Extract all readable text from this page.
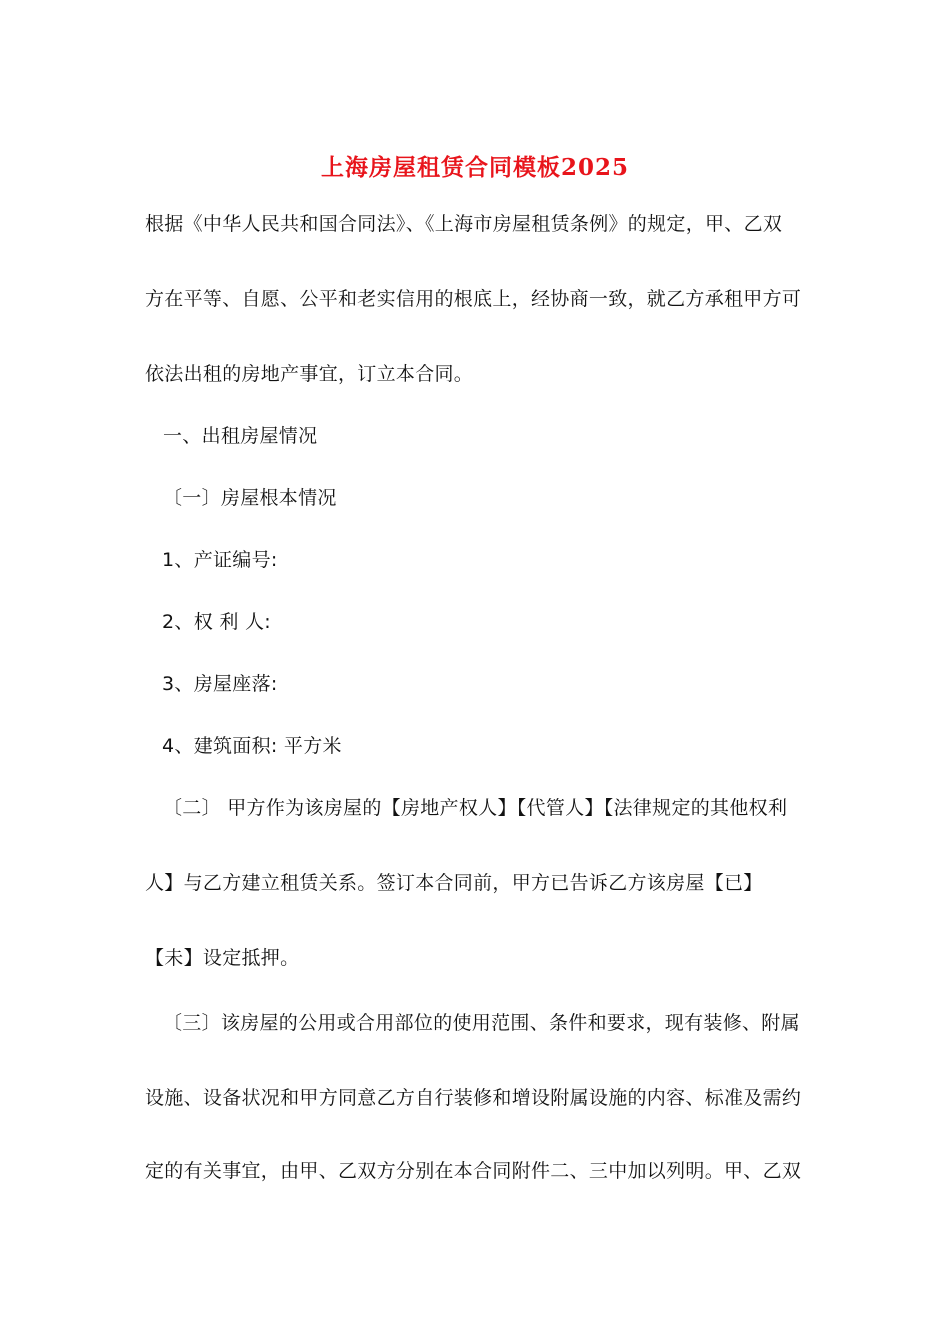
上海房屋租赁合同模板2025
根据《中华人民共和国合同法》、《上海市房屋租赁条例》的规定，甲、乙双
方在平等、自愿、公平和老实信用的根底上，经协商一致，就乙方承租甲方可
依法出租的房地产事宜，订立本合同。
一、出租房屋情况
〔一〕房屋根本情况
1、产证编号:
2、权 利 人:
3、房屋座落:
4、建筑面积: 平方米
〔二〕 甲方作为该房屋的【房地产权人】【代管人】【法律规定的其他权利
人】与乙方建立租赁关系。签订本合同前，甲方已告诉乙方该房屋【已】
【未】设定抵押。
〔三〕该房屋的公用或合用部位的使用范围、条件和要求，现有装修、附属
设施、设备状况和甲方同意乙方自行装修和增设附属设施的内容、标准及需约
定的有关事宜，由甲、乙双方分别在本合同附件二、三中加以列明。甲、乙双
